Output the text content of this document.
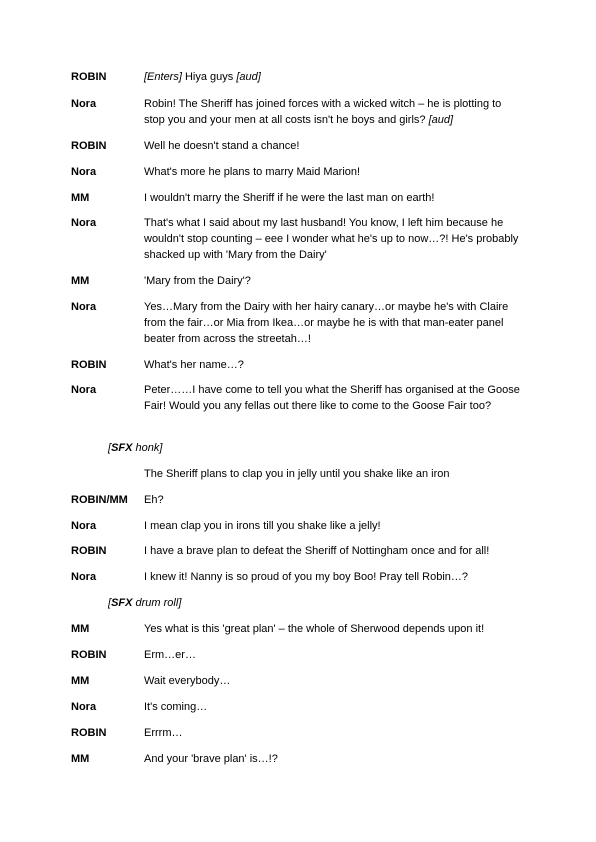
ROBIN	[Enters] Hiya guys [aud]
Nora	Robin! The Sheriff has joined forces with a wicked witch – he is plotting to stop you and your men at all costs isn't he boys and girls? [aud]
ROBIN	Well he doesn't stand a chance!
Nora	What's more he plans to marry Maid Marion!
MM	I wouldn't marry the Sheriff if he were the last man on earth!
Nora	That's what I said about my last husband! You know, I left him because he wouldn't stop counting – eee I wonder what he's up to now…?! He's probably shacked up with 'Mary from the Dairy'
MM	'Mary from the Dairy'?
Nora	Yes…Mary from the Dairy with her hairy canary…or maybe he's with Claire from the fair…or Mia from Ikea…or maybe he is with that man-eater panel beater from across the streetah…!
ROBIN	What's her name…?
Nora	Peter……I have come to tell you what the Sheriff has organised at the Goose Fair! Would you any fellas out there like to come to the Goose Fair too?
[SFX honk]
The Sheriff plans to clap you in jelly until you shake like an iron
ROBIN/MM	Eh?
Nora	I mean clap you in irons till you shake like a jelly!
ROBIN	I have a brave plan to defeat the Sheriff of Nottingham once and for all!
Nora	I knew it! Nanny is so proud of you my boy Boo! Pray tell Robin…?
[SFX drum roll]
MM	Yes what is this 'great plan' – the whole of Sherwood depends upon it!
ROBIN	Erm…er…
MM	Wait everybody…
Nora	It's coming…
ROBIN	Errrm…
MM	And your 'brave plan' is…!?
